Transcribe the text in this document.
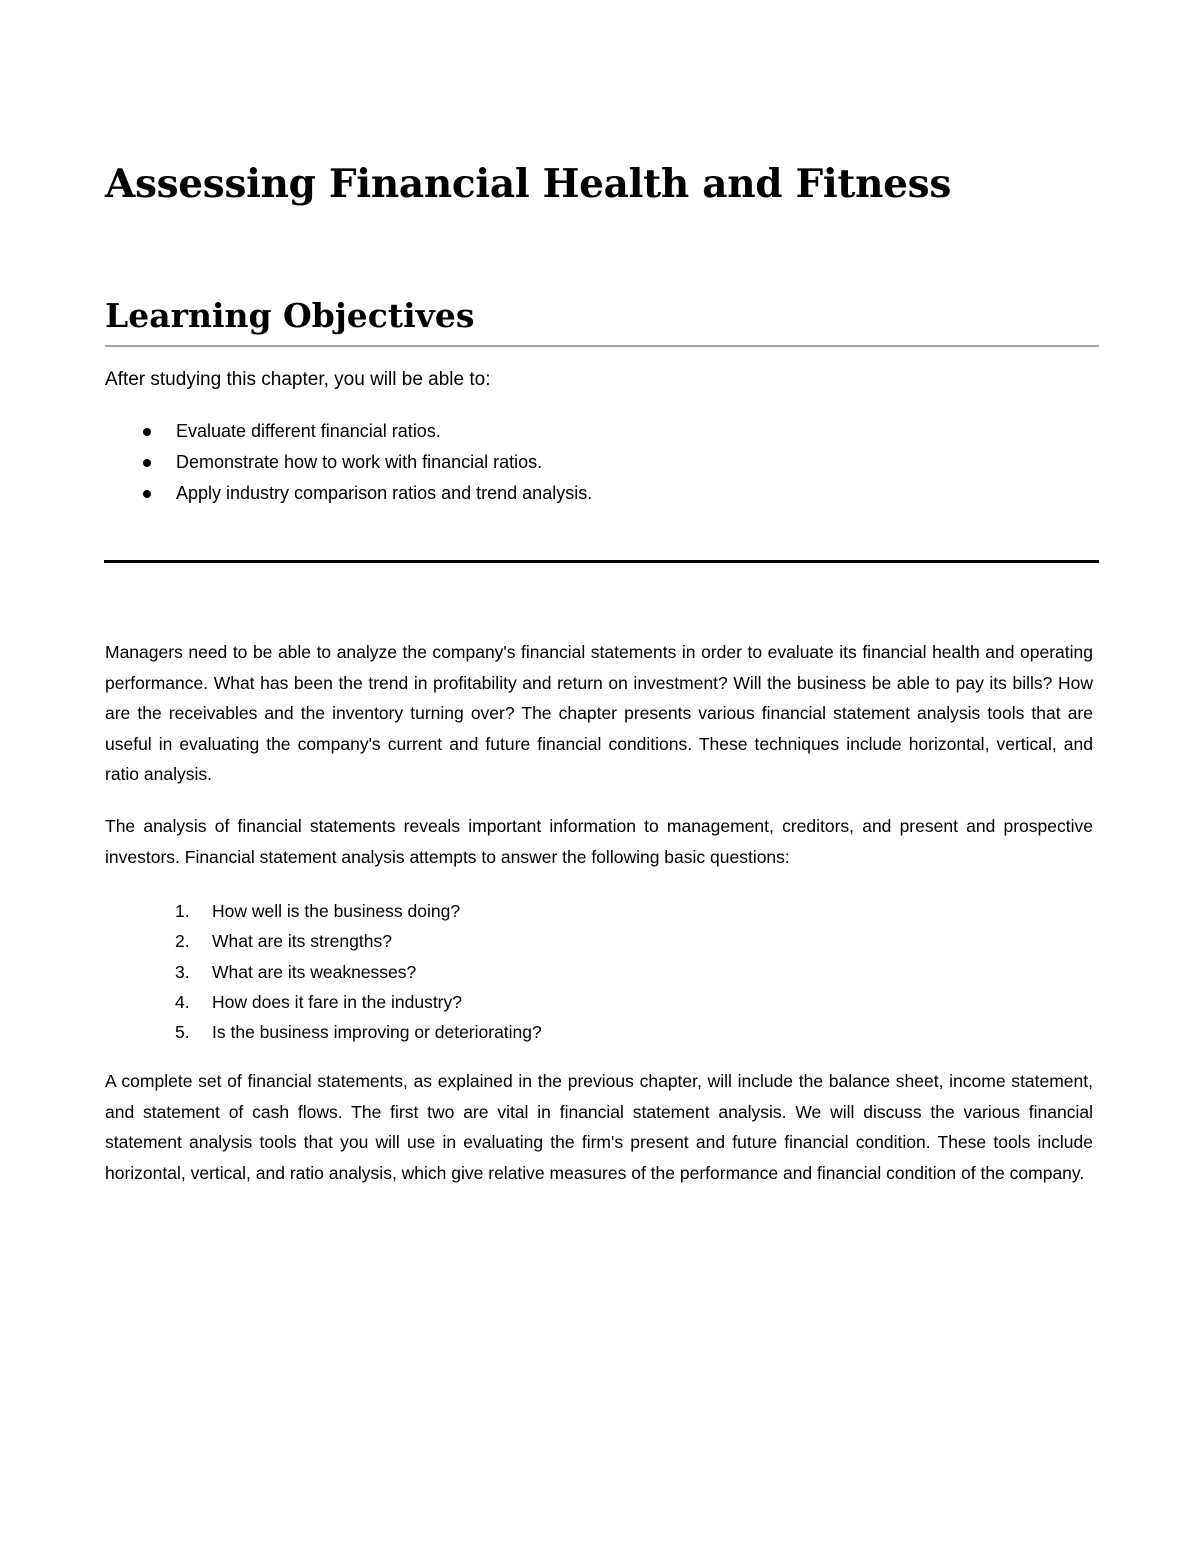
Assessing Financial Health and Fitness
Learning Objectives

After studying this chapter, you will be able to:

Evaluate different financial ratios.
Demonstrate how to work with financial ratios.
Apply industry comparison ratios and trend analysis.

Managers need to be able to analyze the company's financial statements in order to evaluate its financial health and operating performance. What has been the trend in profitability and return on investment? Will the business be able to pay its bills? How are the receivables and the inventory turning over? The chapter presents various financial statement analysis tools that are useful in evaluating the company's current and future financial conditions. These techniques include horizontal, vertical, and ratio analysis.

The analysis of financial statements reveals important information to management, creditors, and present and prospective investors. Financial statement analysis attempts to answer the following basic questions:

1. How well is the business doing?
2. What are its strengths?
3. What are its weaknesses?
4. How does it fare in the industry?
5. Is the business improving or deteriorating?

A complete set of financial statements, as explained in the previous chapter, will include the balance sheet, income statement, and statement of cash flows. The first two are vital in financial statement analysis. We will discuss the various financial statement analysis tools that you will use in evaluating the firm's present and future financial condition. These tools include horizontal, vertical, and ratio analysis, which give relative measures of the performance and financial condition of the company.
